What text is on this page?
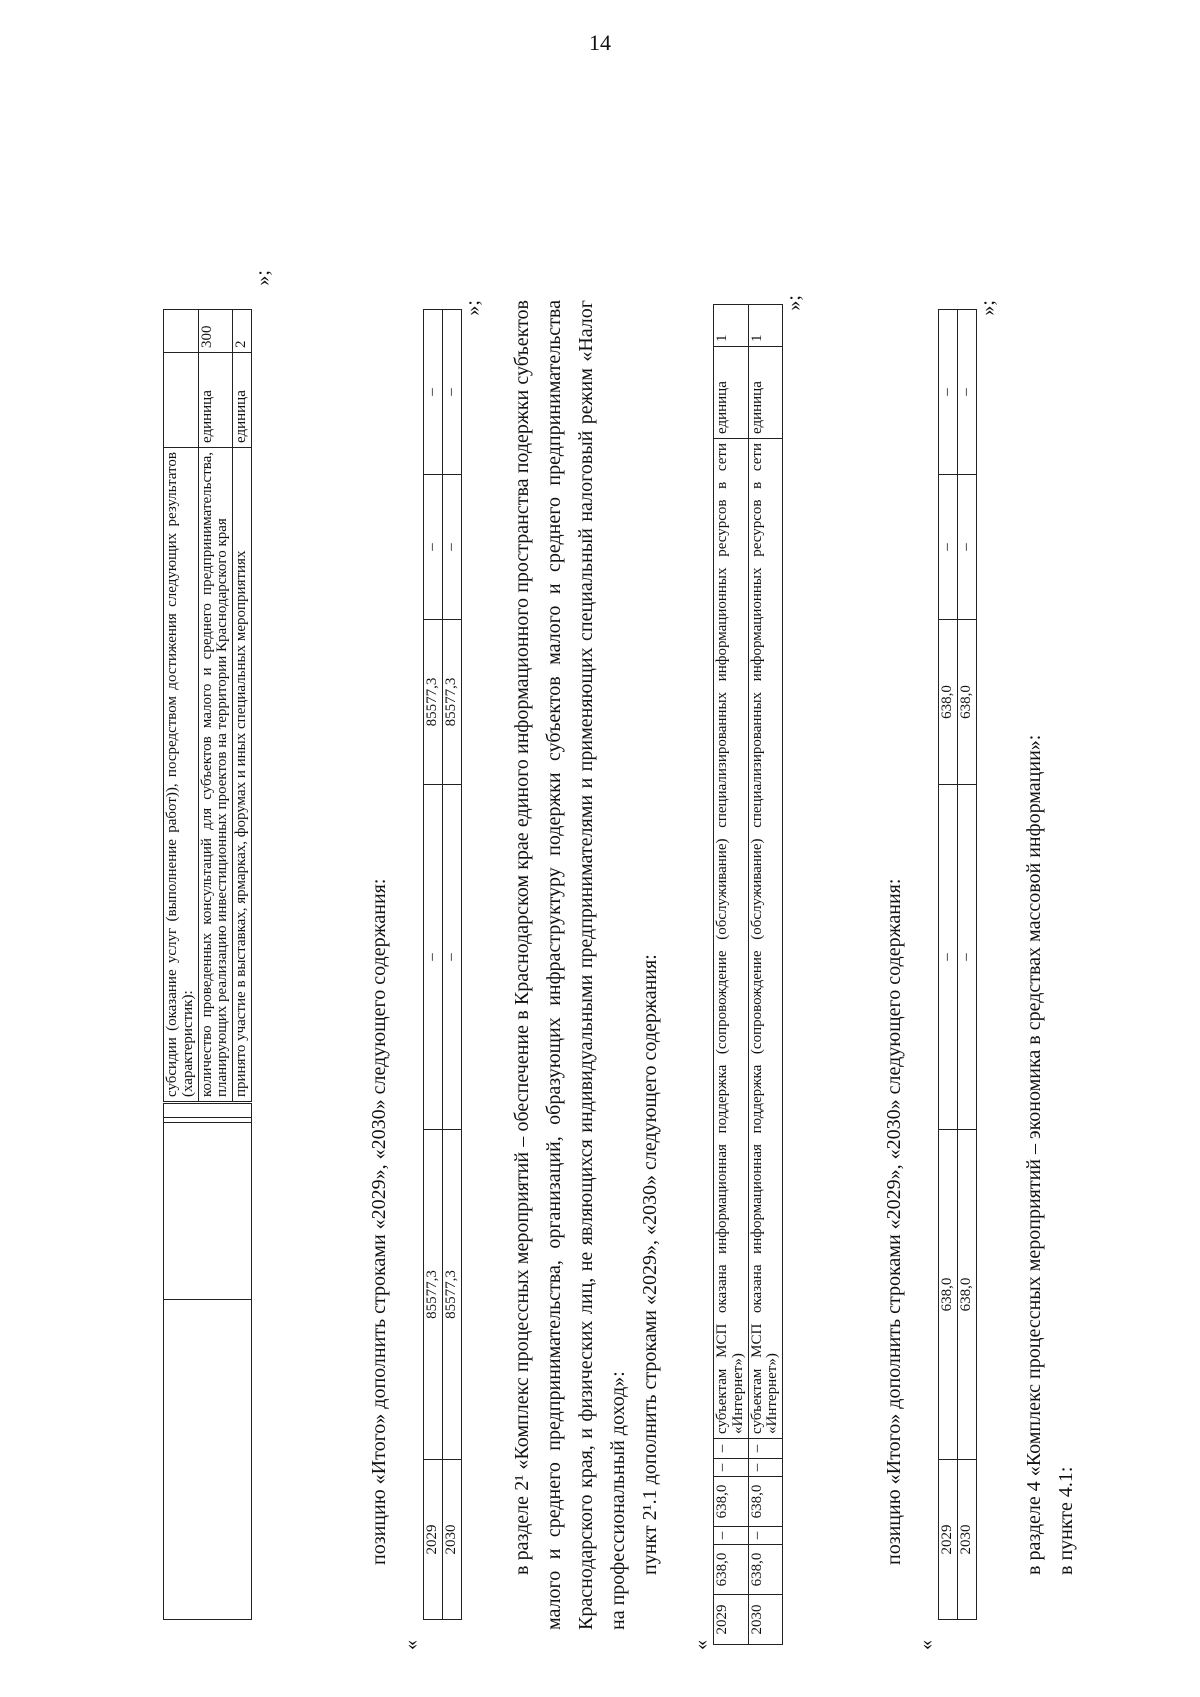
14
				субсидии (оказание услуг (выполнение работ)), посредством достижения следующих результатов (характеристик):		
				количество проведенных консультаций для субъектов малого и среднего предпринимательства, планирующих реализацию инвестиционных проектов на территории Краснодарского края	единица	300
				принято участие в выставках, ярмарках, форумах и иных специальных мероприятиях	единица	2
»;

позицию «Итого» дополнить строками «2029», «2030» следующего содержания:

«
2029	85577,3	–	85577,3	–	–
2030	85577,3	–	85577,3	–	–
»; в разделе 2¹ «Комплекс процессных мероприятий – обеспечение в Краснодарском крае единого информационного пространства подержки субъектов малого и среднего предпринимательства, организаций, образующих инфраструктуру подержки субъектов малого и среднего предпринимательства Краснодарского края, и физических лиц, не являющихся индивидуальными предпринимателями и применяющих специальный налоговый режим «Налог на профессиональный доход»: пункт 2¹.1 дополнить строками «2029», «2030» следующего содержания:

«
2029	638,0	–	638,0	–	–	субъектам МСП оказана информационная поддержка (сопровождение (обслуживание) специализированных информационных ресурсов в сети «Интернет»)	единица	1
2030	638,0	–	638,0	–	–	субъектам МСП оказана информационная поддержка (сопровождение (обслуживание) специализированных информационных ресурсов в сети «Интернет»)	единица	1
»;

позицию «Итого» дополнить строками «2029», «2030» следующего содержания:

«
2029	638,0	–	638,0	–	–
2030	638,0	–	638,0	–	–
»;

в разделе 4 «Комплекс процессных мероприятий – экономика в средствах массовой информации»: в пункте 4.1:
